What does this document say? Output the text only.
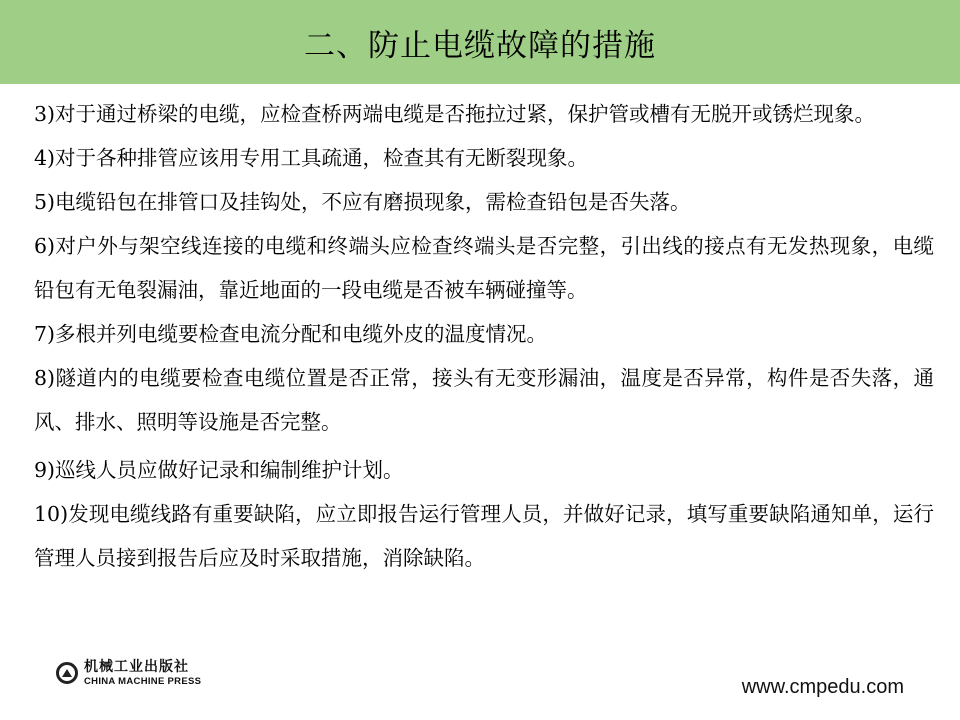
二、防止电缆故障的措施

3)对于通过桥梁的电缆，应检查桥两端电缆是否拖拉过紧，保护管或槽有无脱开或锈烂现象。

4)对于各种排管应该用专用工具疏通，检查其有无断裂现象。

5)电缆铅包在排管口及挂钩处，不应有磨损现象，需检查铅包是否失落。

6)对户外与架空线连接的电缆和终端头应检查终端头是否完整，引出线的接点有无发热现象，电缆铅包有无龟裂漏油，靠近地面的一段电缆是否被车辆碰撞等。

7)多根并列电缆要检查电流分配和电缆外皮的温度情况。

8)隧道内的电缆要检查电缆位置是否正常，接头有无变形漏油，温度是否异常，构件是否失落，通风、排水、照明等设施是否完整。

9)巡线人员应做好记录和编制维护计划。

10)发现电缆线路有重要缺陷，应立即报告运行管理人员，并做好记录，填写重要缺陷通知单，运行管理人员接到报告后应及时采取措施，消除缺陷。

机械工业出版社
CHINA MACHINE PRESS	www.cmpedu.com
